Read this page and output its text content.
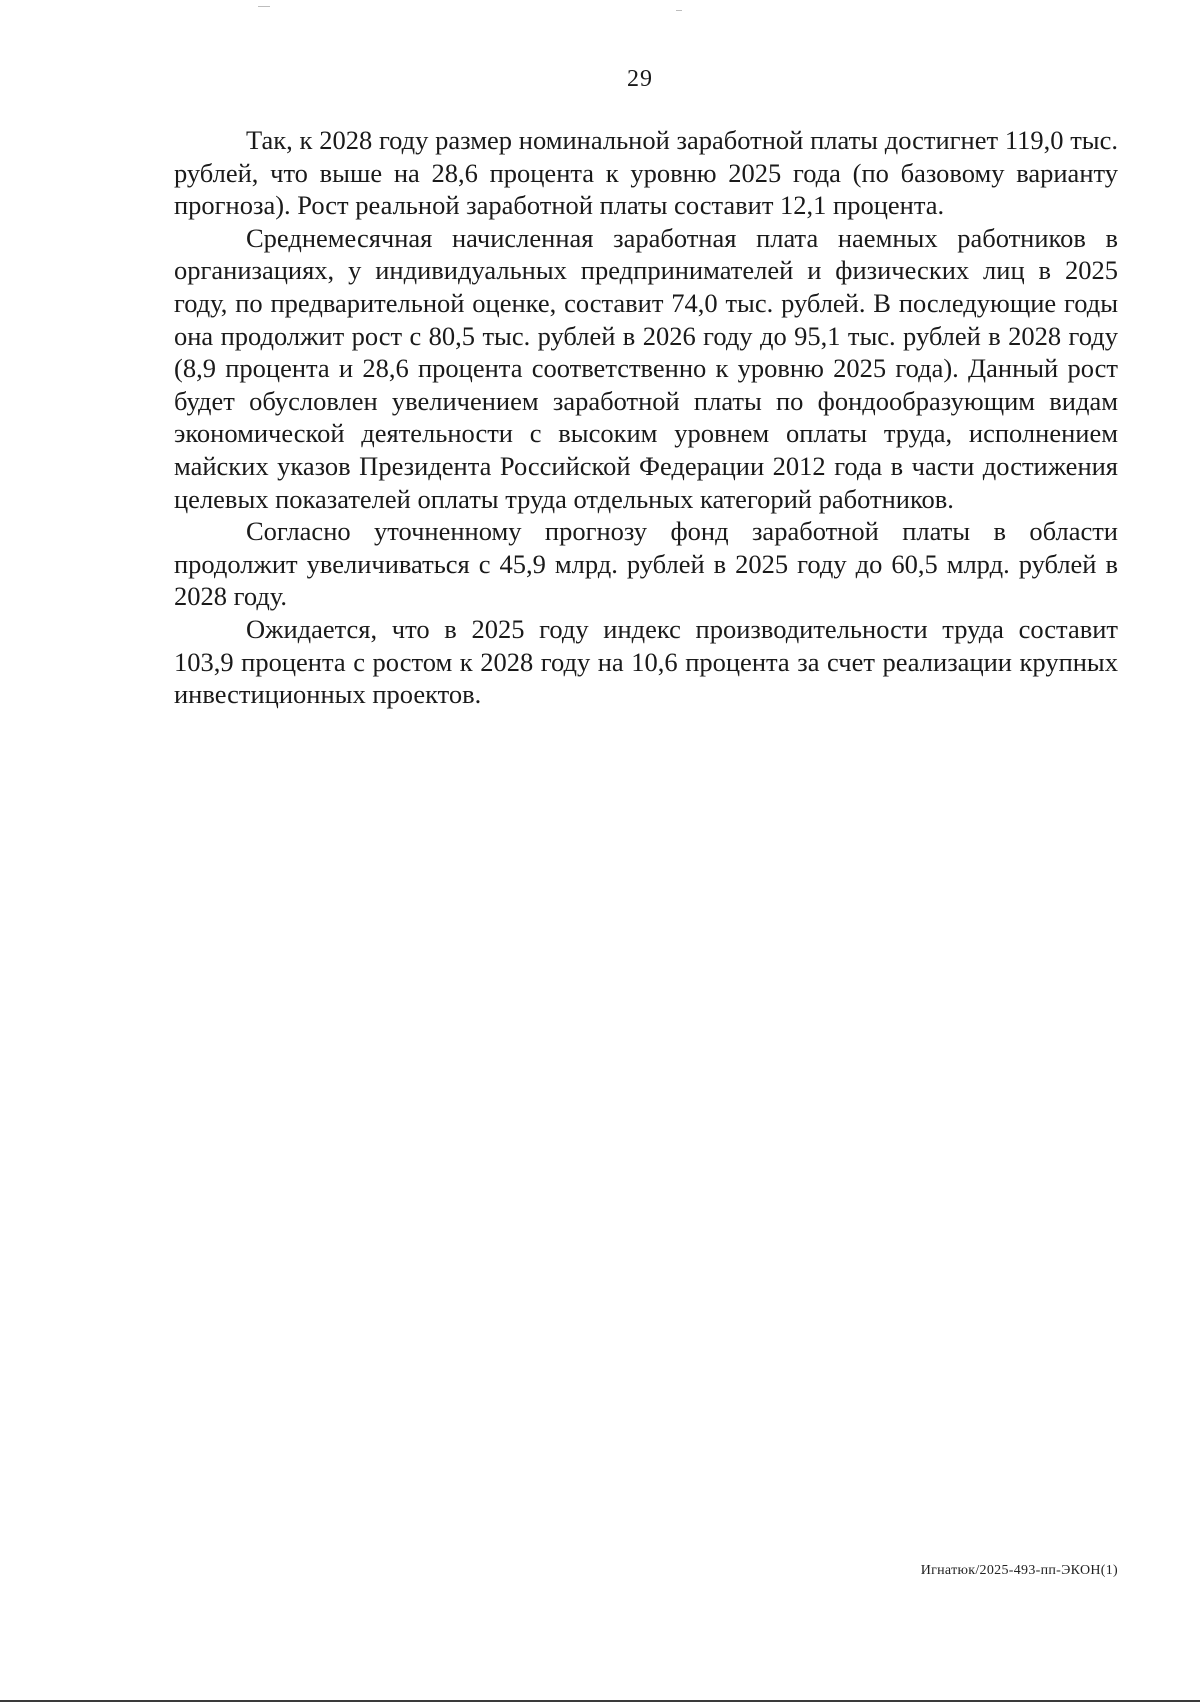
29

Так, к 2028 году размер номинальной заработной платы достигнет 119,0 тыс. рублей, что выше на 28,6 процента к уровню 2025 года (по базовому варианту прогноза). Рост реальной заработной платы составит 12,1 процента.

Среднемесячная начисленная заработная плата наемных работников в организациях, у индивидуальных предпринимателей и физических лиц в 2025 году, по предварительной оценке, составит 74,0 тыс. рублей. В последующие годы она продолжит рост с 80,5 тыс. рублей в 2026 году до 95,1 тыс. рублей в 2028 году (8,9 процента и 28,6 процента соответственно к уровню 2025 года). Данный рост будет обусловлен увеличением заработной платы по фондообразующим видам экономической деятельности с высоким уровнем оплаты труда, исполнением майских указов Президента Российской Федерации 2012 года в части достижения целевых показателей оплаты труда отдельных категорий работников.

Согласно уточненному прогнозу фонд заработной платы в области продолжит увеличиваться с 45,9 млрд. рублей в 2025 году до 60,5 млрд. рублей в 2028 году.

Ожидается, что в 2025 году индекс производительности труда составит 103,9 процента с ростом к 2028 году на 10,6 процента за счет реализации крупных инвестиционных проектов.

Игнатюк/2025-493-пп-ЭКОН(1)
